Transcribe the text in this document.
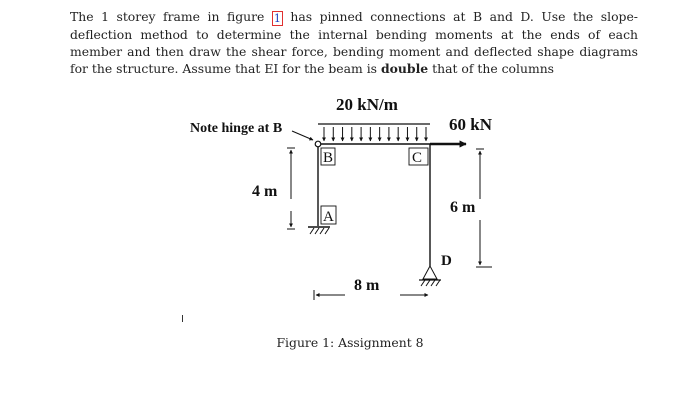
The 1 storey frame in figure 1 has pinned connections at B and D. Use the slope-deflection method to determine the internal bending moments at the ends of each member and then draw the shear force, bending moment and deflected shape diagrams for the structure. Assume that EI for the beam is double that of the columns

20 kN/m
60 kN
Note hinge at B
4 m
6 m
8 m
B	C
A
D
Figure 1: Assignment 8
